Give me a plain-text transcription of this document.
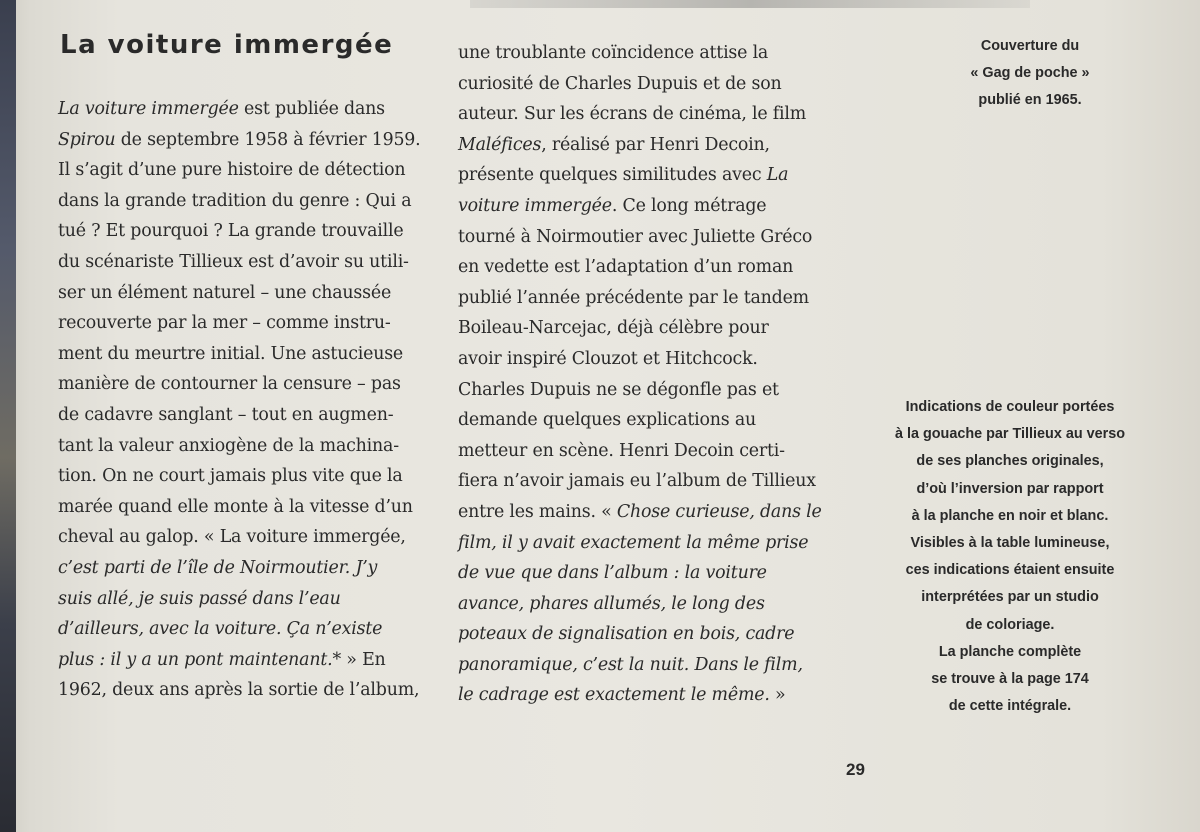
La voiture immergée
La voiture immergée est publiée dans
Spirou de septembre 1958 à février 1959.
Il s’agit d’une pure histoire de détection
dans la grande tradition du genre : Qui a
tué ? Et pourquoi ? La grande trouvaille
du scénariste Tillieux est d’avoir su utili-
ser un élément naturel – une chaussée
recouverte par la mer – comme instru-
ment du meurtre initial. Une astucieuse
manière de contourner la censure – pas
de cadavre sanglant – tout en augmen-
tant la valeur anxiogène de la machina-
tion. On ne court jamais plus vite que la
marée quand elle monte à la vitesse d’un
cheval au galop. « La voiture immergée,
c’est parti de l’île de Noirmoutier. J’y
suis allé, je suis passé dans l’eau
d’ailleurs, avec la voiture. Ça n’existe
plus : il y a un pont maintenant.* » En
1962, deux ans après la sortie de l’album,
une troublante coïncidence attise la
curiosité de Charles Dupuis et de son
auteur. Sur les écrans de cinéma, le film
Maléfices, réalisé par Henri Decoin,
présente quelques similitudes avec La
voiture immergée. Ce long métrage
tourné à Noirmoutier avec Juliette Gréco
en vedette est l’adaptation d’un roman
publié l’année précédente par le tandem
Boileau-Narcejac, déjà célèbre pour
avoir inspiré Clouzot et Hitchcock.
Charles Dupuis ne se dégonfle pas et
demande quelques explications au
metteur en scène. Henri Decoin certi-
fiera n’avoir jamais eu l’album de Tillieux
entre les mains. « Chose curieuse, dans le
film, il y avait exactement la même prise
de vue que dans l’album : la voiture
avance, phares allumés, le long des
poteaux de signalisation en bois, cadre
panoramique, c’est la nuit. Dans le film,
le cadrage est exactement le même. »
Couverture du
« Gag de poche »
publié en 1965.
Indications de couleur portées
à la gouache par Tillieux au verso
de ses planches originales,
d’où l’inversion par rapport
à la planche en noir et blanc.
Visibles à la table lumineuse,
ces indications étaient ensuite
interprétées par un studio
de coloriage.
La planche complète
se trouve à la page 174
de cette intégrale.
29
